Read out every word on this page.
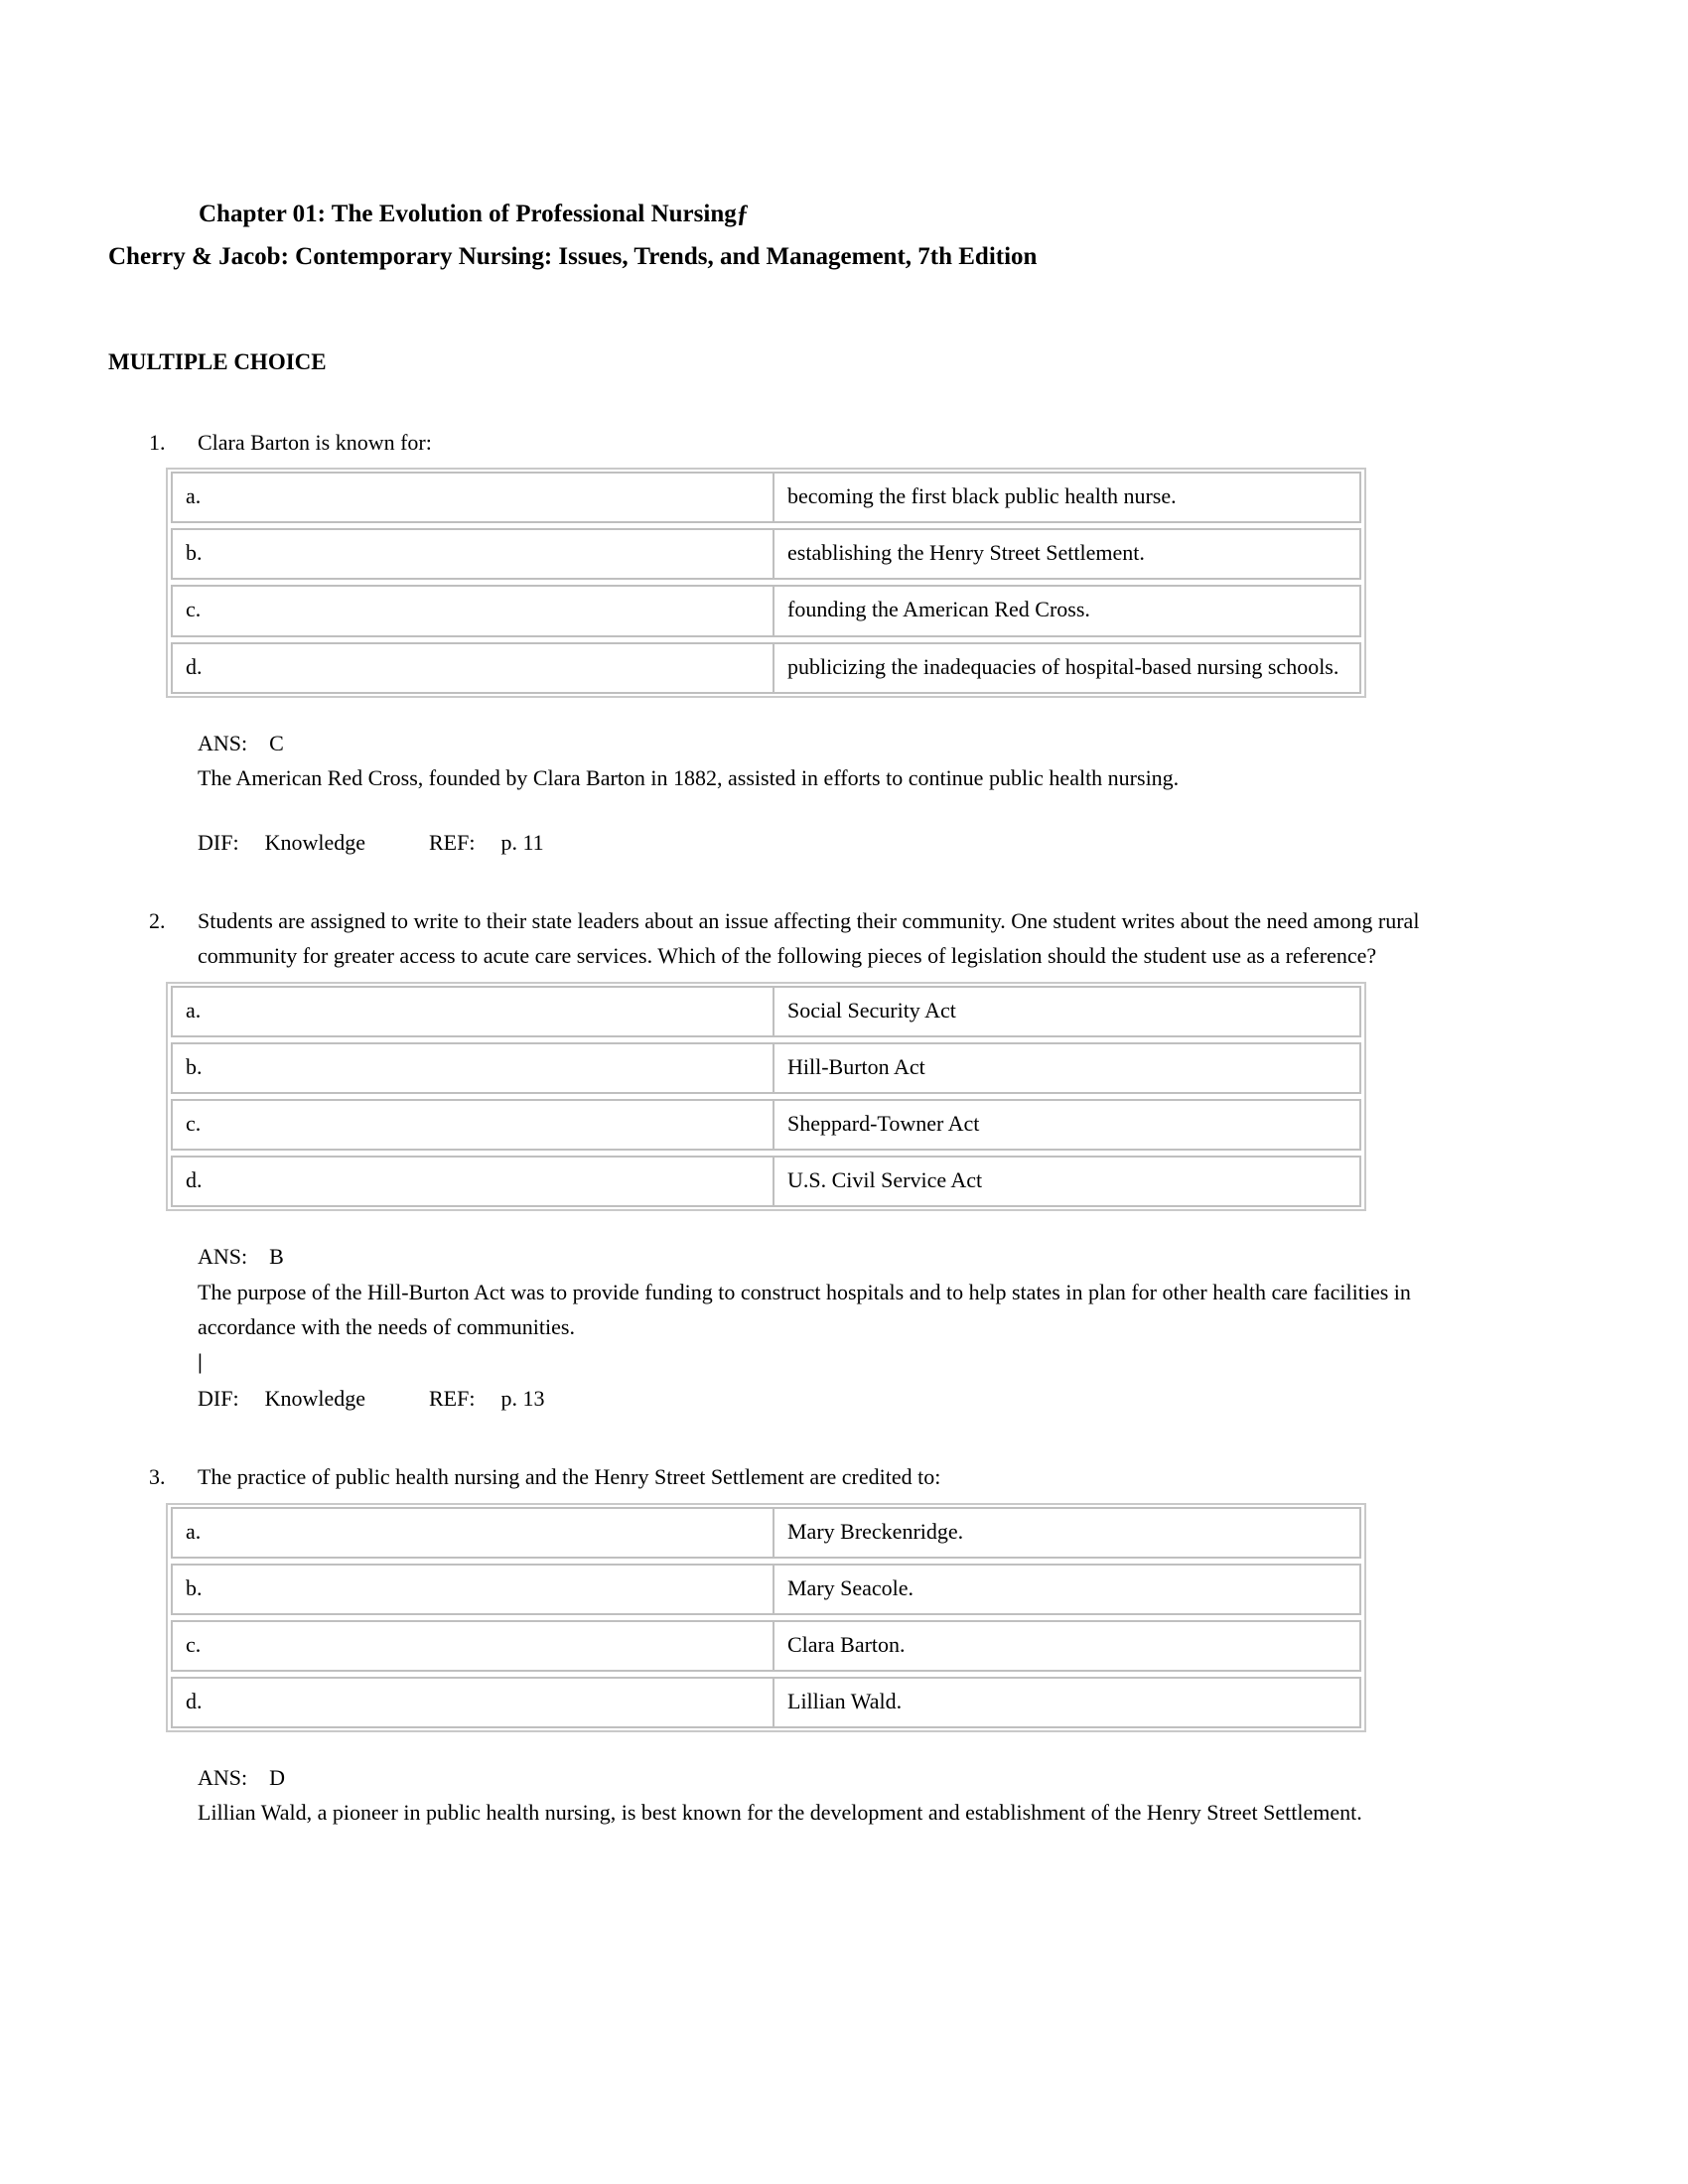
Chapter 01: The Evolution of Professional Nursingƒ
Cherry & Jacob: Contemporary Nursing: Issues, Trends, and Management, 7th Edition
MULTIPLE CHOICE
1.	Clara Barton is known for:
a.	becoming the first black public health nurse.
b.	establishing the Henry Street Settlement.
c.	founding the American Red Cross.
d.	publicizing the inadequacies of hospital-based nursing schools.
ANS: C
The American Red Cross, founded by Clara Barton in 1882, assisted in efforts to continue public health nursing.
DIF: Knowledge	REF: p. 11
2.	Students are assigned to write to their state leaders about an issue affecting their community. One student writes about the need among rural community for greater access to acute care services. Which of the following pieces of legislation should the student use as a reference?
a.	Social Security Act
b.	Hill-Burton Act
c.	Sheppard-Towner Act
d.	U.S. Civil Service Act
ANS: B
The purpose of the Hill-Burton Act was to provide funding to construct hospitals and to help states in plan for other health care facilities in accordance with the needs of communities.
|
DIF: Knowledge	REF: p. 13
3.	The practice of public health nursing and the Henry Street Settlement are credited to:
a.	Mary Breckenridge.
b.	Mary Seacole.
c.	Clara Barton.
d.	Lillian Wald.
ANS: D
Lillian Wald, a pioneer in public health nursing, is best known for the development and establishment of the Henry Street Settlement.
